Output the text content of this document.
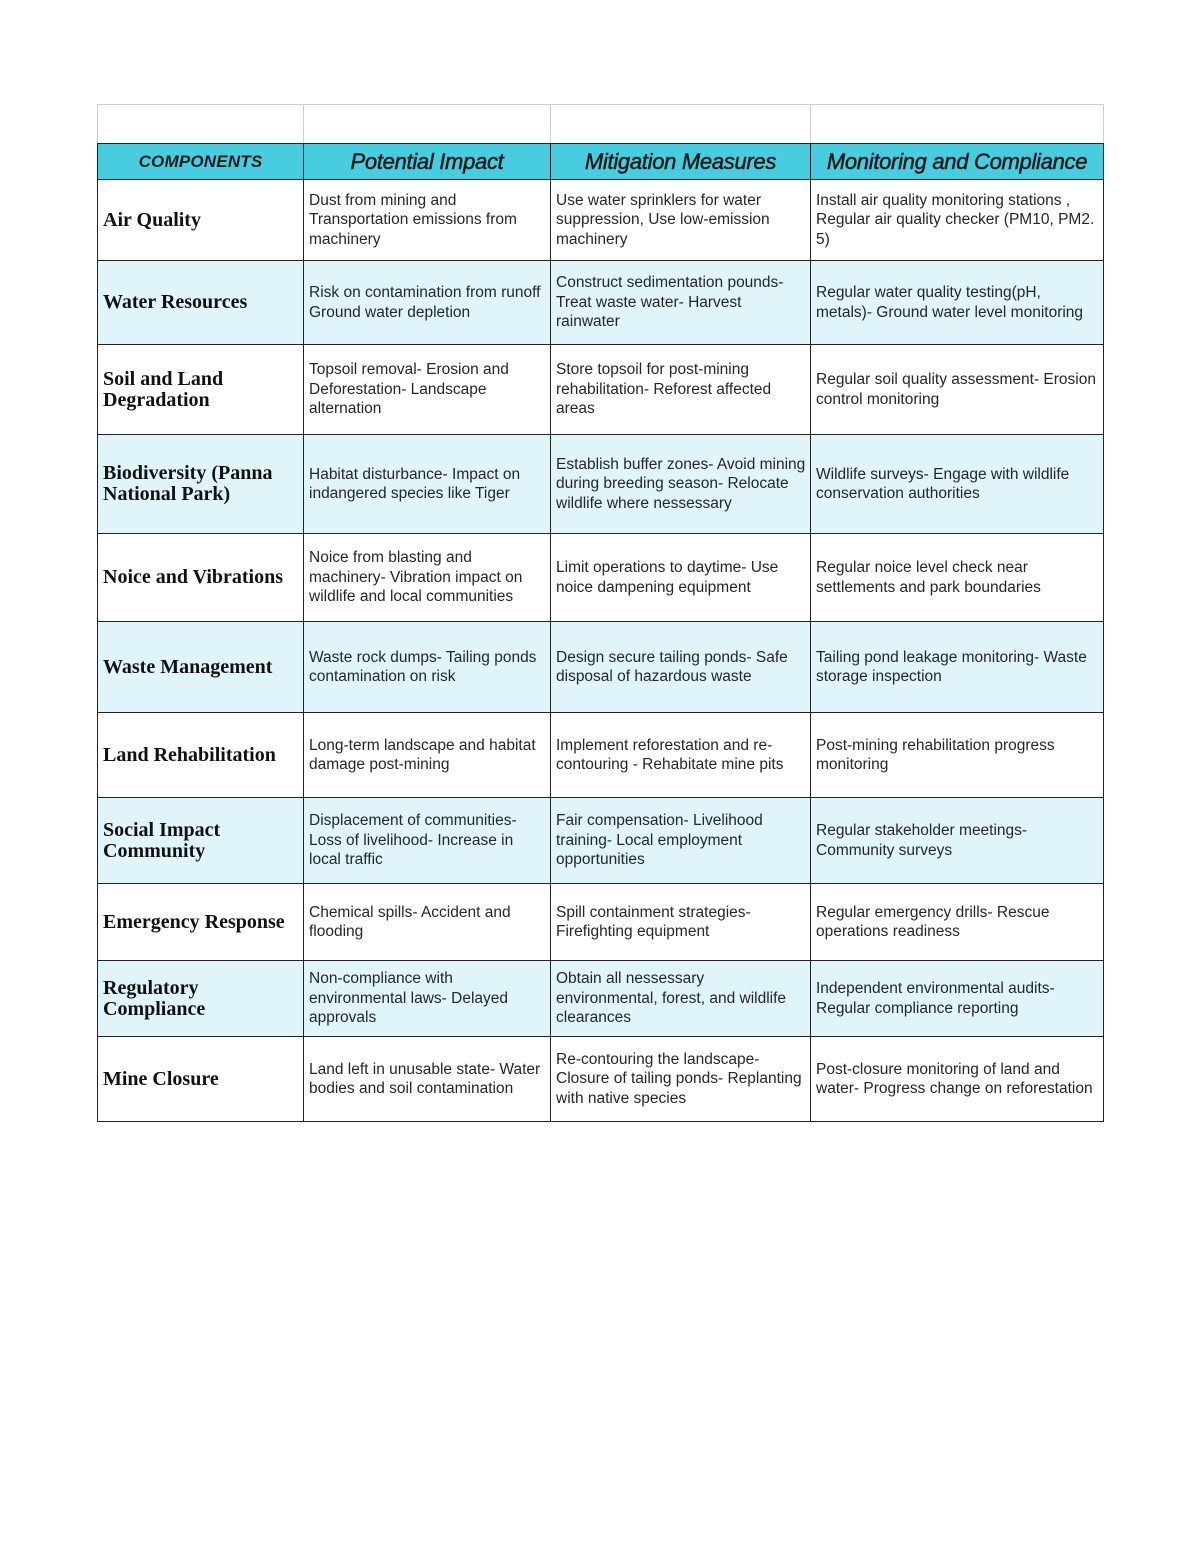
COMPONENTS	Potential Impact	Mitigation Measures	Monitoring and Compliance
Air Quality	Dust from mining and Transportation emissions from machinery	Use water sprinklers for water suppression, Use low-emission machinery	Install air quality monitoring stations , Regular air quality checker (PM10, PM2. 5)
Water Resources	Risk on contamination from runoff Ground water depletion	Construct sedimentation pounds- Treat waste water- Harvest rainwater	Regular water quality testing(pH, metals)- Ground water level monitoring
Soil and Land Degradation	Topsoil removal- Erosion and Deforestation- Landscape alternation	Store topsoil for post-mining rehabilitation- Reforest affected areas	Regular soil quality assessment- Erosion control monitoring
Biodiversity (Panna National Park)	Habitat disturbance- Impact on indangered species like Tiger	Establish buffer zones- Avoid mining during breeding season- Relocate wildlife where nessessary	Wildlife surveys- Engage with wildlife conservation authorities
Noice and Vibrations	Noice from blasting and machinery- Vibration impact on wildlife and local communities	Limit operations to daytime- Use noice dampening equipment	Regular noice level check near settlements and park boundaries
Waste Management	Waste rock dumps- Tailing ponds contamination on risk	Design secure tailing ponds- Safe disposal of hazardous waste	Tailing pond leakage monitoring- Waste storage inspection
Land Rehabilitation	Long-term landscape and habitat damage post-mining	Implement reforestation and re-contouring - Rehabitate mine pits	Post-mining rehabilitation progress monitoring
Social Impact Community	Displacement of communities- Loss of livelihood- Increase in local traffic	Fair compensation- Livelihood training- Local employment opportunities	Regular stakeholder meetings- Community surveys
Emergency Response	Chemical spills- Accident and flooding	Spill containment strategies- Firefighting equipment	Regular emergency drills- Rescue operations readiness
Regulatory Compliance	Non-compliance with environmental laws- Delayed approvals	Obtain all nessessary environmental, forest, and wildlife clearances	Independent environmental audits- Regular compliance reporting
Mine Closure	Land left in unusable state- Water bodies and soil contamination	Re-contouring the landscape- Closure of tailing ponds- Replanting with native species	Post-closure monitoring of land and water- Progress change on reforestation
